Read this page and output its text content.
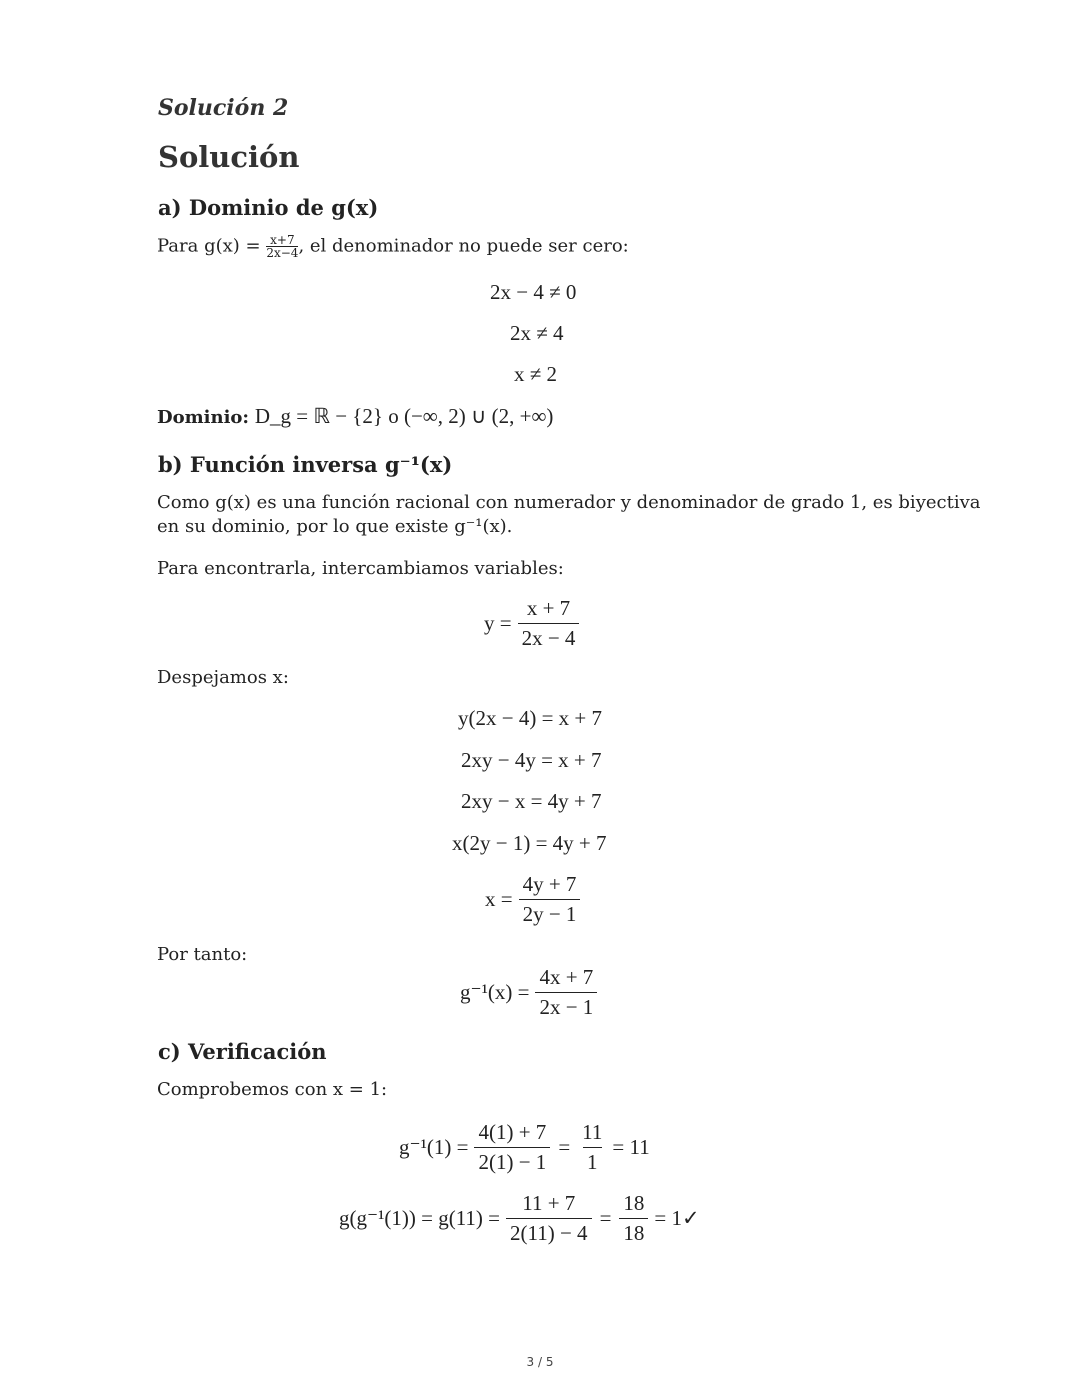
Solución 2
Solución
a) Dominio de g(x)
Para $g(x) = \frac{x+7}{2x-4}$ , el denominador no puede ser cero:
2x − 4 ≠ 0
2x ≠ 4
x ≠ 2
Dominio: D_g = ℝ − {2} o (−∞, 2) ∪ (2, +∞)
b) Función inversa g⁻¹(x)
Como g(x) es una función racional con numerador y denominador de grado 1, es biyectiva
en su dominio, por lo que existe g⁻¹(x).
Para encontrarla, intercambiamos variables:
$y = \frac{x + 7}{2x - 4}$
Despejamos x:
y(2x − 4) = x + 7
2xy − 4y = x + 7
2xy − x = 4y + 7
x(2y − 1) = 4y + 7
$x = \frac{4y + 7}{2y - 1}$
Por tanto:
$g^{-1}(x) = \frac{4x + 7}{2x - 1}$
c) Verificación
Comprobemos con x = 1:
$g^{-1}(1) = \frac{4(1) + 7}{2(1) - 1} = \frac{11}{1} = 11$
$g(g^{-1}(1)) = g(11) = \frac{11 + 7}{2(11) - 4} = \frac{18}{18}$ = 1✓
3 / 5
